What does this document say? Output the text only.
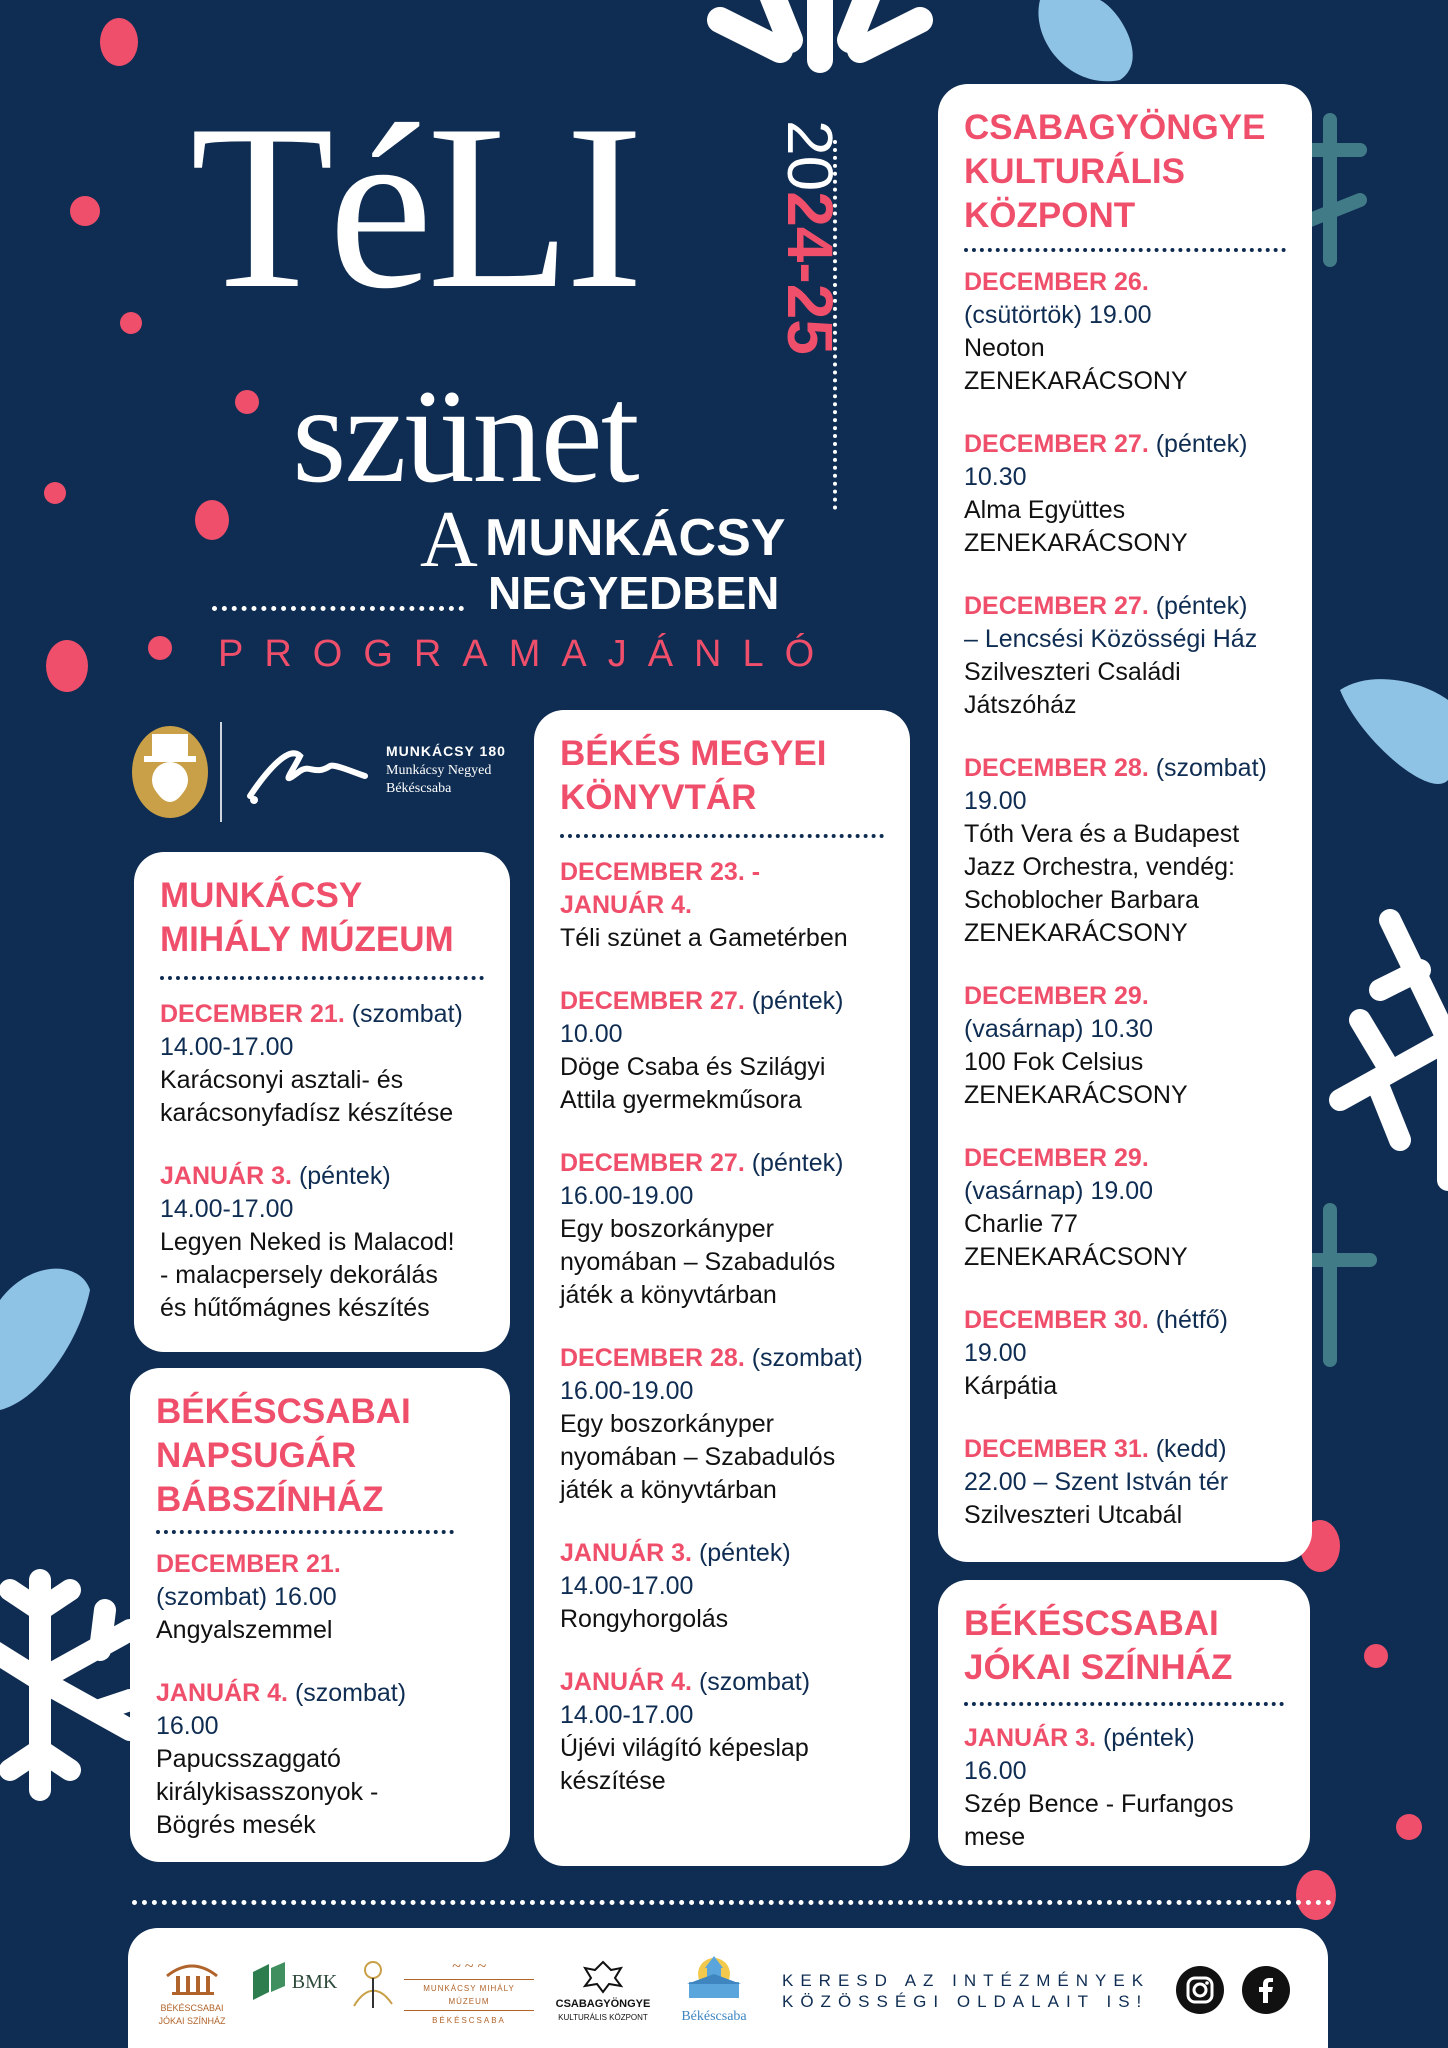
TéLI
szünet
A MUNKÁCSY
NEGYEDBEN
2024-25
PROGRAMAJÁNLÓ
MUNKÁCSY 180
Munkácsy Negyed
Békéscsaba
MUNKÁCSY MIHÁLY MÚZEUM
DECEMBER 21. (szombat)
14.00-17.00
Karácsonyi asztali- és
karácsonyfadísz készítése
JANUÁR 3. (péntek)
14.00-17.00
Legyen Neked is Malacod!
- malacpersely dekorálás
és hűtőmágnes készítés
BÉKÉSCSABAI NAPSUGÁR BÁBSZÍNHÁZ
DECEMBER 21.
(szombat) 16.00
Angyalszemmel
JANUÁR 4. (szombat)
16.00
Papucsszaggató
királykisasszonyok -
Bögrés mesék
BÉKÉS MEGYEI KÖNYVTÁR
DECEMBER 23. - JANUÁR 4.
Téli szünet a Gametérben
DECEMBER 27. (péntek)
10.00
Döge Csaba és Szilágyi
Attila gyermekműsora
DECEMBER 27. (péntek)
16.00-19.00
Egy boszorkányper
nyomában – Szabadulós
játék a könyvtárban
DECEMBER 28. (szombat)
16.00-19.00
Egy boszorkányper
nyomában – Szabadulós
játék a könyvtárban
JANUÁR 3. (péntek)
14.00-17.00
Rongyhorgolás
JANUÁR 4. (szombat)
14.00-17.00
Újévi világító képeslap
készítése
CSABAGYÖNGYE KULTURÁLIS KÖZPONT
DECEMBER 26.
(csütörtök) 19.00
Neoton
ZENEKARÁCSONY
DECEMBER 27. (péntek)
10.30
Alma Együttes
ZENEKARÁCSONY
DECEMBER 27. (péntek)
– Lencsési Közösségi Ház
Szilveszteri Családi
Játszóház
DECEMBER 28. (szombat)
19.00
Tóth Vera és a Budapest
Jazz Orchestra, vendég:
Schoblocher Barbara
ZENEKARÁCSONY
DECEMBER 29.
(vasárnap) 10.30
100 Fok Celsius
ZENEKARÁCSONY
DECEMBER 29.
(vasárnap) 19.00
Charlie 77
ZENEKARÁCSONY
DECEMBER 30. (hétfő)
19.00
Kárpátia
DECEMBER 31. (kedd)
22.00 – Szent István tér
Szilveszteri Utcabál
BÉKÉSCSABAI JÓKAI SZÍNHÁZ
JANUÁR 3. (péntek)
16.00
Szép Bence - Furfangos
mese
BÉKÉSCSABAI
JÓKAI SZÍNHÁZ
BMK
~ ~ ~
MUNKÁCSY MIHÁLY MÚZEUM
BÉKÉSCSABA
CSABAGYÖNGYE
KULTURÁLIS KÖZPONT	Békéscsaba
KERESD AZ INTÉZMÉNYEK
KÖZÖSSÉGI OLDALAIT IS!
